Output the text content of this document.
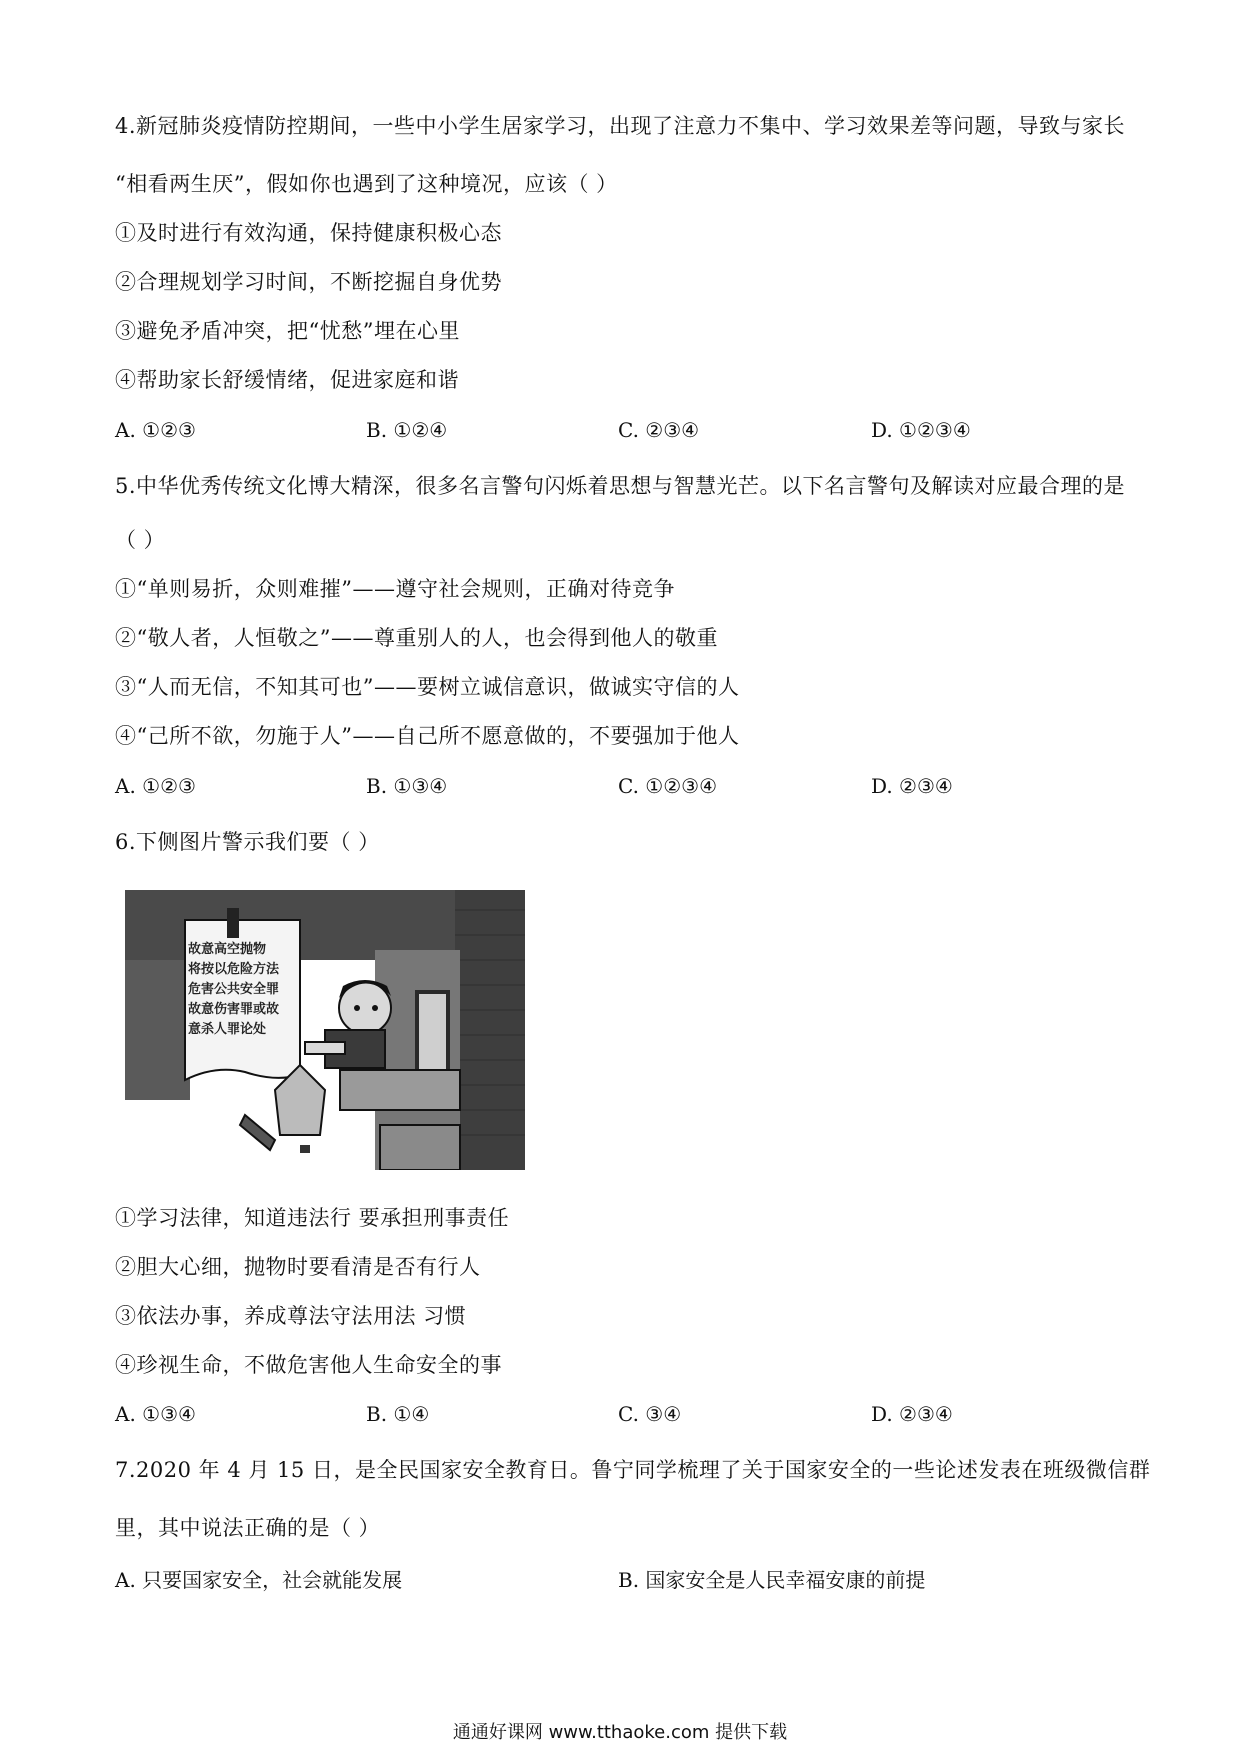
4.新冠肺炎疫情防控期间，一些中小学生居家学习，出现了注意力不集中、学习效果差等问题，导致与家长
“相看两生厌”，假如你也遇到了这种境况，应该（ ）
①及时进行有效沟通，保持健康积极心态
②合理规划学习时间，不断挖掘自身优势
③避免矛盾冲突，把“忧愁”埋在心里
④帮助家长舒缓情绪，促进家庭和谐
A. ①②③	B. ①②④	C. ②③④	D. ①②③④
5.中华优秀传统文化博大精深，很多名言警句闪烁着思想与智慧光芒。以下名言警句及解读对应最合理的是
（ ）
①“单则易折，众则难摧”——遵守社会规则，正确对待竞争
②“敬人者，人恒敬之”——尊重别人的人，也会得到他人的敬重
③“人而无信，不知其可也”——要树立诚信意识，做诚实守信的人
④“己所不欲，勿施于人”——自己所不愿意做的，不要强加于他人
A. ①②③	B. ①③④	C. ①②③④	D. ②③④
6.下侧图片警示我们要（ ）
故意高空抛物
将按以危险方法
危害公共安全罪
故意伤害罪或故
意杀人罪论处
①学习法律，知道违法行 要承担刑事责任
②胆大心细，抛物时要看清是否有行人
③依法办事，养成尊法守法用法 习惯
④珍视生命，不做危害他人生命安全的事
A. ①③④	B. ①④	C. ③④	D. ②③④
7.2020 年 4 月 15 日，是全民国家安全教育日。鲁宁同学梳理了关于国家安全的一些论述发表在班级微信群
里，其中说法正确的是（ ）
A. 只要国家安全，社会就能发展	B. 国家安全是人民幸福安康的前提
通通好课网 www.tthaoke.com 提供下载
